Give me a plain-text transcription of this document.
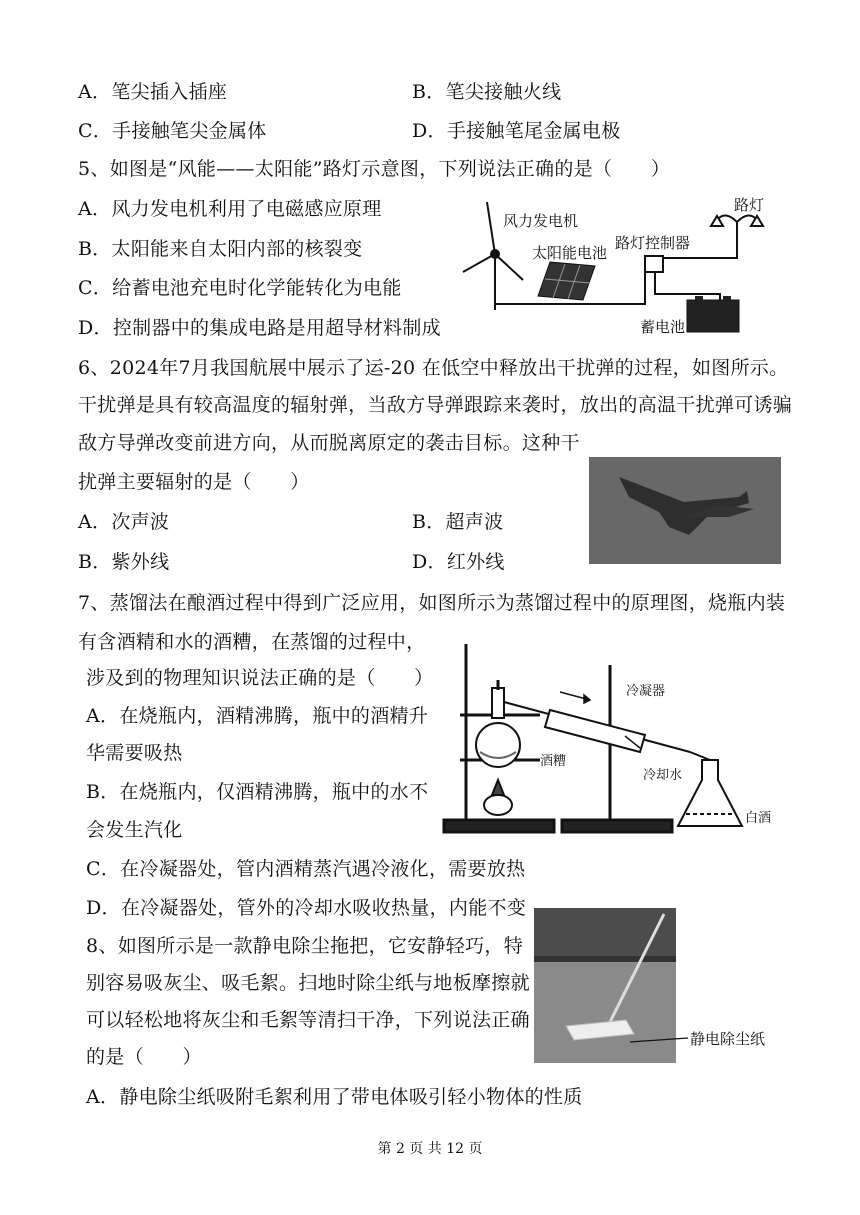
A．笔尖插入插座	B．笔尖接触火线
C．手接触笔尖金属体	D．手接触笔尾金属电极
5、如图是“风能——太阳能”路灯示意图，下列说法正确的是（　　）
A．风力发电机利用了电磁感应原理
B．太阳能来自太阳内部的核裂变
C．给蓄电池充电时化学能转化为电能
D．控制器中的集成电路是用超导材料制成
风力发电机
太阳能电池
路灯控制器
路灯
蓄电池
6、2024年7月我国航展中展示了运-20 在低空中释放出干扰弹的过程，如图所示。
干扰弹是具有较高温度的辐射弹，当敌方导弹跟踪来袭时，放出的高温干扰弹可诱骗
敌方导弹改变前进方向，从而脱离原定的袭击目标。这种干
扰弹主要辐射的是（　　）
A．次声波	B．超声波
B．紫外线	D．红外线
7、蒸馏法在酿酒过程中得到广泛应用，如图所示为蒸馏过程中的原理图，烧瓶内装
有含酒精和水的酒糟，在蒸馏的过程中，
涉及到的物理知识说法正确的是（　　）
A．在烧瓶内，酒精沸腾，瓶中的酒精升
华需要吸热
B．在烧瓶内，仅酒精沸腾，瓶中的水不
会发生汽化
C．在冷凝器处，管内酒精蒸汽遇冷液化，需要放热
D．在冷凝器处，管外的冷却水吸收热量，内能不变
冷凝器
酒糟
冷却水
白酒
8、如图所示是一款静电除尘拖把，它安静轻巧，特
别容易吸灰尘、吸毛絮。扫地时除尘纸与地板摩擦就
可以轻松地将灰尘和毛絮等清扫干净，下列说法正确
的是（　　）
A．静电除尘纸吸附毛絮利用了带电体吸引轻小物体的性质
静电除尘纸
第 2 页 共 12 页
